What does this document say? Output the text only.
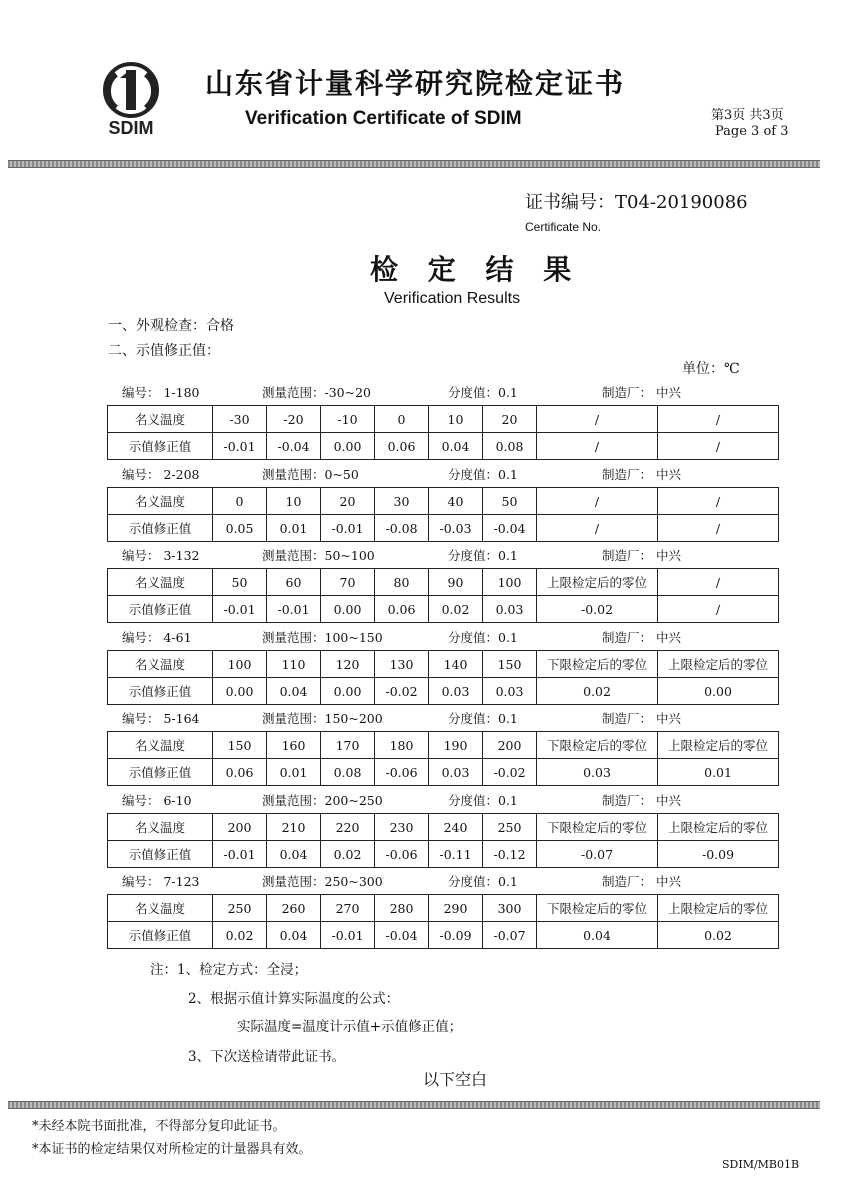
SDIM
山东省计量科学研究院检定证书
Verification Certificate of SDIM	第3页 共3页
Page 3 of 3
证书编号：T04-20190086
Certificate No.
检 定 结 果
Verification Results
一、外观检查：合格
二、示值修正值：
单位：℃
编号： 1-180	测量范围：-30~20	分度值：0.1	制造厂： 中兴
名义温度	-30	-20	-10	0	10	20	/	/
示值修正值	-0.01	-0.04	0.00	0.06	0.04	0.08	/	/
编号： 2-208	测量范围：0~50	分度值：0.1	制造厂： 中兴
名义温度	0	10	20	30	40	50	/	/
示值修正值	0.05	0.01	-0.01	-0.08	-0.03	-0.04	/	/
编号： 3-132	测量范围：50~100	分度值：0.1	制造厂： 中兴
名义温度	50	60	70	80	90	100	上限检定后的零位	/
示值修正值	-0.01	-0.01	0.00	0.06	0.02	0.03	-0.02	/
编号： 4-61	测量范围：100~150	分度值：0.1	制造厂： 中兴
名义温度	100	110	120	130	140	150	下限检定后的零位	上限检定后的零位
示值修正值	0.00	0.04	0.00	-0.02	0.03	0.03	0.02	0.00
编号： 5-164	测量范围：150~200	分度值：0.1	制造厂： 中兴
名义温度	150	160	170	180	190	200	下限检定后的零位	上限检定后的零位
示值修正值	0.06	0.01	0.08	-0.06	0.03	-0.02	0.03	0.01
编号： 6-10	测量范围：200~250	分度值：0.1	制造厂： 中兴
名义温度	200	210	220	230	240	250	下限检定后的零位	上限检定后的零位
示值修正值	-0.01	0.04	0.02	-0.06	-0.11	-0.12	-0.07	-0.09
编号： 7-123	测量范围：250~300	分度值：0.1	制造厂： 中兴
名义温度	250	260	270	280	290	300	下限检定后的零位	上限检定后的零位
示值修正值	0.02	0.04	-0.01	-0.04	-0.09	-0.07	0.04	0.02
注：1、检定方式：全浸；
2、根据示值计算实际温度的公式：
实际温度=温度计示值+示值修正值；
3、下次送检请带此证书。
以下空白
*未经本院书面批准，不得部分复印此证书。
*本证书的检定结果仅对所检定的计量器具有效。
SDIM/MB01B
